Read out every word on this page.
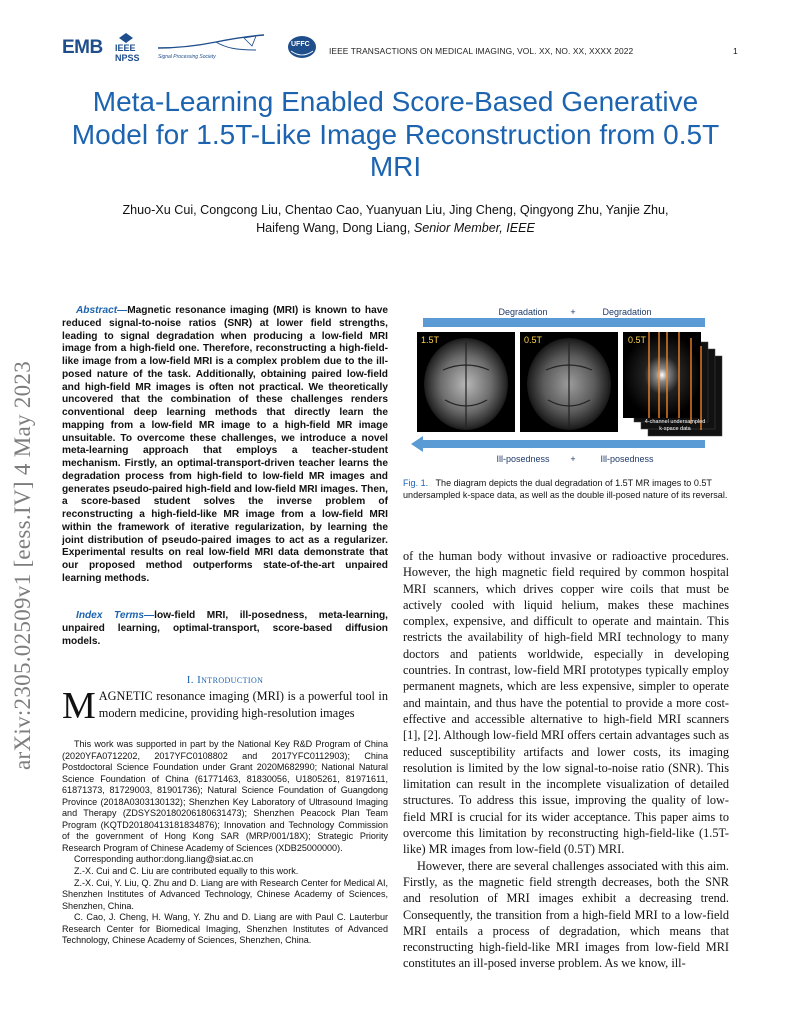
EMB IEEE NPSS	Signal Processing Society
UFFC
IEEE TRANSACTIONS ON MEDICAL IMAGING, VOL. XX, NO. XX, XXXX 2022	1
arXiv:2305.02509v1 [eess.IV] 4 May 2023
Meta-Learning Enabled Score-Based Generative Model for 1.5T-Like Image Reconstruction from 0.5T MRI
Zhuo-Xu Cui, Congcong Liu, Chentao Cao, Yuanyuan Liu, Jing Cheng, Qingyong Zhu, Yanjie Zhu,
Haifeng Wang, Dong Liang, Senior Member, IEEE
Abstract—Magnetic resonance imaging (MRI) is known to have reduced signal-to-noise ratios (SNR) at lower field strengths, leading to signal degradation when producing a low-field MRI image from a high-field one. Therefore, reconstructing a high-field-like image from a low-field MRI is a complex problem due to the ill-posed nature of the task. Additionally, obtaining paired low-field and high-field MR images is often not practical. We theoretically uncovered that the combination of these challenges renders conventional deep learning methods that directly learn the mapping from a low-field MR image to a high-field MR image unsuitable. To overcome these challenges, we introduce a novel meta-learning approach that employs a teacher-student mechanism. Firstly, an optimal-transport-driven teacher learns the degradation process from high-field to low-field MR images and generates pseudo-paired high-field and low-field MRI images. Then, a score-based student solves the inverse problem of reconstructing a high-field-like MR image from a low-field MRI within the framework of iterative regularization, by learning the joint distribution of pseudo-paired images to act as a regularizer. Experimental results on real low-field MRI data demonstrate that our proposed method outperforms state-of-the-art unpaired learning methods.
Index Terms—low-field MRI, ill-posedness, meta-learning, unpaired learning, optimal-transport, score-based diffusion models.
I. Introduction
MAGNETIC resonance imaging (MRI) is a powerful tool in modern medicine, providing high-resolution images

This work was supported in part by the National Key R&D Program of China (2020YFA0712202, 2017YFC0108802 and 2017YFC0112903); China Postdoctoral Science Foundation under Grant 2020M682990; National Natural Science Foundation of China (61771463, 81830056, U1805261, 81971611, 61871373, 81729003, 81901736); Natural Science Foundation of Guangdong Province (2018A0303130132); Shenzhen Key Laboratory of Ultrasound Imaging and Therapy (ZDSYS20180206180631473); Shenzhen Peacock Plan Team Program (KQTD20180413181834876); Innovation and Technology Commission of the government of Hong Kong SAR (MRP/001/18X); Strategic Priority Research Program of Chinese Academy of Sciences (XDB25000000).

Corresponding author:dong.liang@siat.ac.cn

Z.-X. Cui and C. Liu are contributed equally to this work.

Z.-X. Cui, Y. Liu, Q. Zhu and D. Liang are with Research Center for Medical AI, Shenzhen Institutes of Advanced Technology, Chinese Academy of Sciences, Shenzhen, China.

C. Cao, J. Cheng, H. Wang, Y. Zhu and D. Liang are with Paul C. Lauterbur Research Center for Biomedical Imaging, Shenzhen Institutes of Advanced Technology, Chinese Academy of Sciences, Shenzhen, China.

Degradation	+	Degradation
1.5T	0.5T	0.5T
4-channel undersampled
k-space data
Ill-posedness +	Ill-posedness
Fig. 1. The diagram depicts the dual degradation of 1.5T MR images to 0.5T undersampled k-space data, as well as the double ill-posed nature of its reversal.

of the human body without invasive or radioactive procedures. However, the high magnetic field required by common hospital MRI scanners, which drives copper wire coils that must be actively cooled with liquid helium, makes these machines complex, expensive, and difficult to operate and maintain. This restricts the availability of high-field MRI technology to many doctors and patients worldwide, especially in developing countries. In contrast, low-field MRI prototypes typically employ permanent magnets, which are less expensive, simpler to operate and maintain, and thus have the potential to provide a more cost-effective and accessible alternative to high-field MRI scanners [1], [2]. Although low-field MRI offers certain advantages such as reduced susceptibility artifacts and lower costs, its imaging resolution is limited by the low signal-to-noise ratio (SNR). This limitation can result in the incomplete visualization of detailed structures. To address this issue, improving the quality of low-field MRI is crucial for its wider acceptance. This paper aims to overcome this limitation by reconstructing high-field-like (1.5T-like) MR images from low-field (0.5T) MRI.

However, there are several challenges associated with this aim. Firstly, as the magnetic field strength decreases, both the SNR and resolution of MRI images exhibit a decreasing trend. Consequently, the transition from a high-field MRI to a low-field MRI entails a process of degradation, which means that reconstructing high-field-like MRI images from low-field MRI constitutes an ill-posed inverse problem. As we know, ill-
